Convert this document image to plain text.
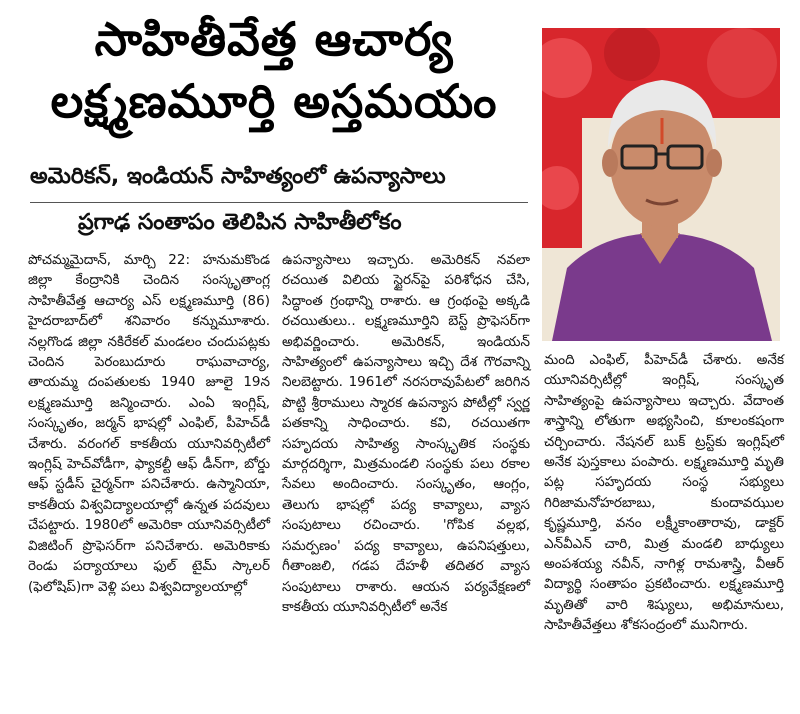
సాహితీవేత్త ఆచార్య
లక్ష్మణమూర్తి అస్తమయం
అమెరికన్, ఇండియన్ సాహిత్యంలో ఉపన్యాసాలు
ప్రగాఢ సంతాపం తెలిపిన సాహితీలోకం

పోచమ్మమైదాన్, మార్చి 22: హనుమకొండ జిల్లా కేంద్రానికి చెందిన సంస్కృతాంగ్ల సాహితీవేత్త ఆచార్య ఎస్ లక్ష్మణమూర్తి (86) హైదరాబాద్‌లో శనివారం కన్నుమూశారు. నల్లగొండ జిల్లా నకిరేకల్ మండలం చందుపట్లకు చెందిన పెరంబుదూరు రాఘవాచార్య, తాయమ్మ దంపతులకు 1940 జూలై 19న లక్ష్మణమూర్తి జన్మించారు. ఎంఏ ఇంగ్లిష్, సంస్కృతం, జర్మన్ భాషల్లో ఎంఫిల్, పీహెచ్‌డీ చేశారు. వరంగల్ కాకతీయ యూనివర్సిటీలో ఇంగ్లిష్ హెచ్‌వోడీగా, ఫ్యాకల్టీ ఆఫ్ డీన్‌గా, బోర్డు ఆఫ్ స్టడీస్ చైర్మన్‌గా పనిచేశారు. ఉస్మానియా, కాకతీయ విశ్వవిద్యాలయాల్లో ఉన్నత పదవులు చేపట్టారు. 1980లో అమెరికా యూనివర్సిటీలో విజిటింగ్ ప్రొఫెసర్‌గా పనిచేశారు. అమెరికాకు రెండు పర్యాయాలు ఫుల్ టైమ్ స్కాలర్ (ఫెలోషిప్)గా వెళ్లి పలు విశ్వవిద్యాలయాల్లో

ఉపన్యాసాలు ఇచ్చారు. అమెరికన్ నవలా రచయిత విలియ స్టైరన్‌పై పరిశోధన చేసి, సిద్ధాంత గ్రంథాన్ని రాశారు. ఆ గ్రంథంపై అక్కడి రచయితులు.. లక్ష్మణమూర్తిని బెస్ట్ ప్రొఫెసర్‌గా అభివర్ణించారు. అమెరికన్, ఇండియన్ సాహిత్యంలో ఉపన్యాసాలు ఇచ్చి దేశ గౌరవాన్ని నిలబెట్టారు. 1961లో నరసరావుపేటలో జరిగిన పొట్టి శ్రీరాములు స్మారక ఉపన్యాస పోటీల్లో స్వర్ణ పతకాన్ని సాధించారు. కవి, రచయితగా సహృదయ సాహిత్య సాంస్కృతిక సంస్థకు మార్గదర్శిగా, మిత్రమండలి సంస్థకు పలు రకాల సేవలు అందించారు. సంస్కృతం, ఆంగ్లం, తెలుగు భాషల్లో పద్య కావ్యాలు, వ్యాస సంపుటాలు రచించారు. 'గోపిక వల్లభ, సమర్పణం' పద్య కావ్యాలు, ఉపనిషత్తులు, గీతాంజలి, గడప దేహళీ తదితర వ్యాస సంపుటాలు రాశారు. ఆయన పర్యవేక్షణలో కాకతీయ యూనివర్సిటీలో అనేక

మంది ఎంఫిల్, పీహెచ్‌డీ చేశారు. అనేక యూనివర్సిటీల్లో ఇంగ్లిష్, సంస్కృత సాహిత్యంపై ఉపన్యాసాలు ఇచ్చారు. వేదాంత శాస్త్రాన్ని లోతుగా అభ్యసించి, కూలంకషంగా చర్చించారు. నేషనల్ బుక్ ట్రస్ట్‌కు ఇంగ్లిష్‌లో అనేక పుస్తకాలు పంపారు. లక్ష్మణమూర్తి మృతి పట్ల సహృదయ సంస్థ సభ్యులు గిరిజామనోహరబాబు, కుందావఝుల కృష్ణమూర్తి, వనం లక్ష్మీకాంతారావు, డాక్టర్ ఎన్‌వీఎన్ చారి, మిత్ర మండలి బాధ్యులు అంపశయ్య నవీన్, నాగిళ్ల రామశాస్త్రి, వీఆర్ విద్యార్థి సంతాపం ప్రకటించారు. లక్ష్మణమూర్తి మృతితో వారి శిష్యులు, అభిమానులు, సాహితీవేత్తలు శోకసంద్రంలో మునిగారు.
